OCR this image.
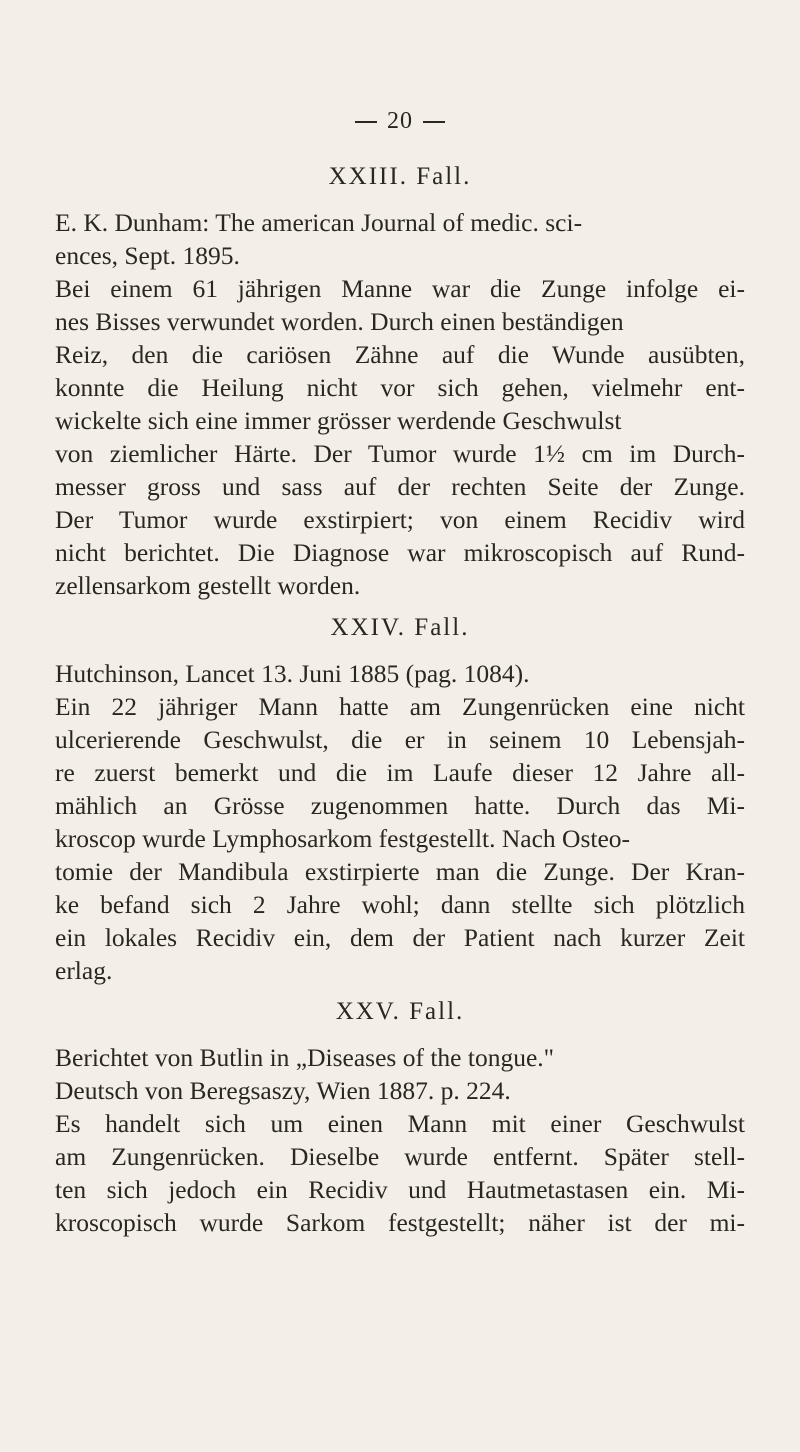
20
XXIII. Fall.
E. K. Dunham: The american Journal of medic. sci-
ences, Sept. 1895.
Bei einem 61 jährigen Manne war die Zunge infolge ei-
nes Bisses verwundet worden. Durch einen beständigen
Reiz, den die cariösen Zähne auf die Wunde ausübten,
konnte die Heilung nicht vor sich gehen, vielmehr ent-
wickelte sich eine immer grösser werdende Geschwulst
von ziemlicher Härte. Der Tumor wurde 1½ cm im Durch-
messer gross und sass auf der rechten Seite der Zunge.
Der Tumor wurde exstirpiert; von einem Recidiv wird
nicht berichtet. Die Diagnose war mikroscopisch auf Rund-
zellensarkom gestellt worden.
XXIV. Fall.
Hutchinson, Lancet 13. Juni 1885 (pag. 1084).
Ein 22 jähriger Mann hatte am Zungenrücken eine nicht
ulcerierende Geschwulst, die er in seinem 10 Lebensjah-
re zuerst bemerkt und die im Laufe dieser 12 Jahre all-
mählich an Grösse zugenommen hatte. Durch das Mi-
kroscop wurde Lymphosarkom festgestellt. Nach Osteo-
tomie der Mandibula exstirpierte man die Zunge. Der Kran-
ke befand sich 2 Jahre wohl; dann stellte sich plötzlich
ein lokales Recidiv ein, dem der Patient nach kurzer Zeit
erlag.
XXV. Fall.
Berichtet von Butlin in „Diseases of the tongue."
Deutsch von Beregsaszy, Wien 1887. p. 224.
Es handelt sich um einen Mann mit einer Geschwulst
am Zungenrücken. Dieselbe wurde entfernt. Später stell-
ten sich jedoch ein Recidiv und Hautmetastasen ein. Mi-
kroscopisch wurde Sarkom festgestellt; näher ist der mi-
